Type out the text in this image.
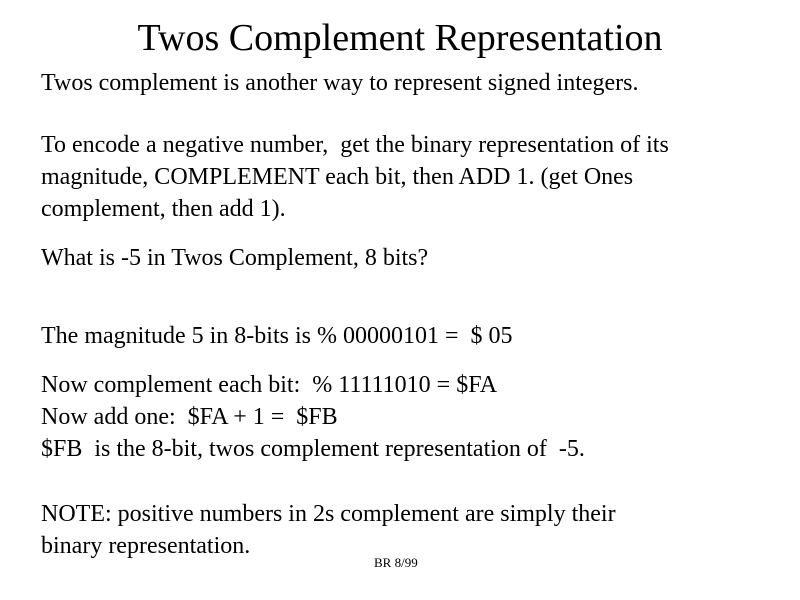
Twos Complement Representation
Twos complement is another way to represent signed integers.
To encode a negative number,  get the binary representation of its
magnitude, COMPLEMENT each bit, then ADD 1. (get Ones
complement, then add 1).
What is -5 in Twos Complement, 8 bits?
The magnitude 5 in 8-bits is % 00000101 =  $ 05
Now complement each bit:  % 11111010 = $FA
Now add one:  $FA + 1 =  $FB
$FB  is the 8-bit, twos complement representation of  -5.
NOTE: positive numbers in 2s complement are simply their
binary representation.
BR 8/99
